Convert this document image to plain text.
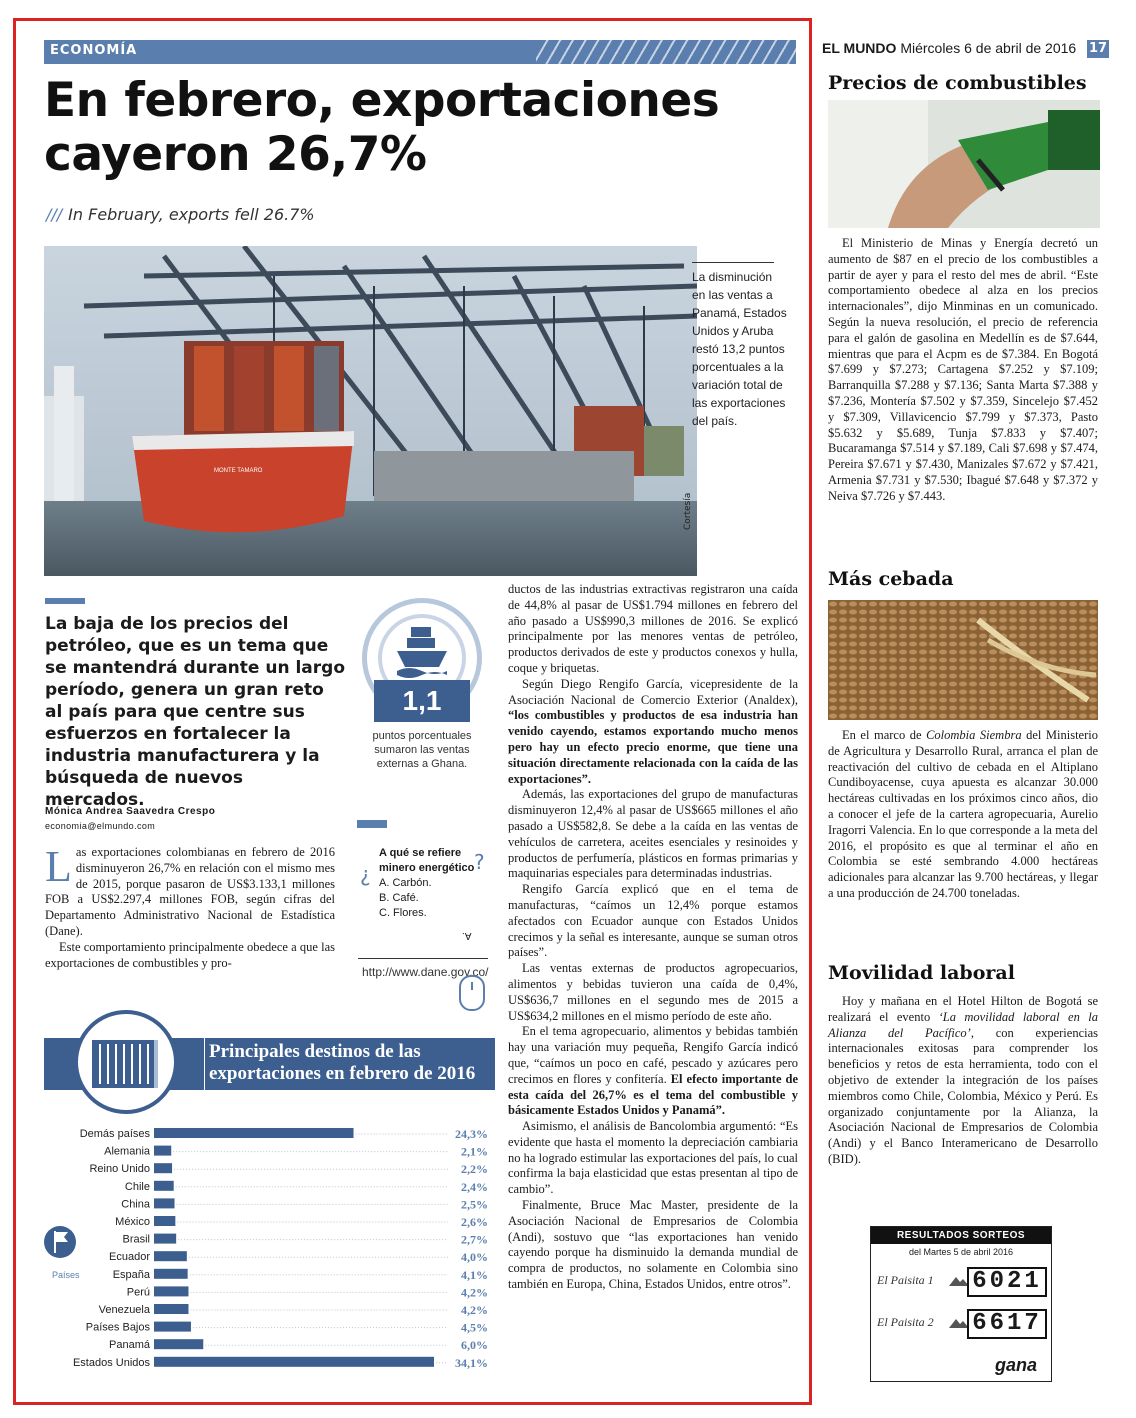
ECONOMÍA
En febrero, exportaciones cayeron 26,7%
/// In February, exports fell 26.7%
MONTE TAMARO
Cortesía
La disminución en las ventas a Panamá, Estados Unidos y Aruba restó 13,2 puntos porcentuales a la variación total de las exportaciones del país.
La baja de los precios del petróleo, que es un tema que se mantendrá durante un largo período, genera un gran reto al país para que centre sus esfuerzos en fortalecer la industria manufacturera y la búsqueda de nuevos mercados.
Mónica Andrea Saavedra Crespo
economia@elmundo.com

Las exportaciones colombianas en febrero de 2016 disminuyeron 26,7% en relación con el mismo mes de 2015, porque pasaron de US$3.133,1 millones FOB a US$2.297,4 millones FOB, según cifras del Departamento Administrativo Nacional de Estadística (Dane).

Este comportamiento principalmente obedece a que las exportaciones de combustibles y pro-

1,1
puntos porcentuales sumaron las ventas externas a Ghana.
¿	?
A qué se refiere minero energético
A. Carbón.
B. Café.
C. Flores.
A.
http://www.dane.gov.co/
Principales destinos de las exportaciones en febrero de 2016
Países
Demás países	24,3%
Alemania	2,1%
Reino Unido	2,2%
Chile	2,4%
China	2,5%
México	2,6%
Brasil	2,7%
Ecuador	4,0%
España	4,1%
Perú	4,2%
Venezuela	4,2%
Países Bajos	4,5%
Panamá	6,0%
Estados Unidos	34,1%
EL MUNDO Miércoles 6 de abril de 2016 17
Precios de combustibles

El Ministerio de Minas y Energía decretó un aumento de $87 en el precio de los combustibles a partir de ayer y para el resto del mes de abril. “Este comportamiento obedece al alza en los precios internacionales”, dijo Minminas en un comunicado. Según la nueva resolución, el precio de referencia para el galón de gasolina en Medellín es de $7.644, mientras que para el Acpm es de $7.384. En Bogotá $7.699 y $7.273; Cartagena $7.252 y $7.109; Barranquilla $7.288 y $7.136; Santa Marta $7.388 y $7.236, Montería $7.502 y $7.359, Sincelejo $7.452 y $7.309, Villavicencio $7.799 y $7.373, Pasto $5.632 y $5.689, Tunja $7.833 y $7.407; Bucaramanga $7.514 y $7.189, Cali $7.698 y $7.474, Pereira $7.671 y $7.430, Manizales $7.672 y $7.421, Armenia $7.731 y $7.530; Ibagué $7.648 y $7.372 y Neiva $7.726 y $7.443.

Más cebada

En el marco de Colombia Siembra del Ministerio de Agricultura y Desarrollo Rural, arranca el plan de reactivación del cultivo de cebada en el Altiplano Cundiboyacense, cuya apuesta es alcanzar 30.000 hectáreas cultivadas en los próximos cinco años, dio a conocer el jefe de la cartera agropecuaria, Aurelio Iragorri Valencia. En lo que corresponde a la meta del 2016, el propósito es que al terminar el año en Colombia se esté sembrando 4.000 hectáreas adicionales para alcanzar las 9.700 hectáreas, y llegar a una producción de 24.700 toneladas.

Movilidad laboral

Hoy y mañana en el Hotel Hilton de Bogotá se realizará el evento ‘La movilidad laboral en la Alianza del Pacífico’, con experiencias internacionales exitosas para comprender los beneficios y retos de esta herramienta, todo con el objetivo de extender la integración de los países miembros como Chile, Colombia, México y Perú. Es organizado conjuntamente por la Alianza, la Asociación Nacional de Empresarios de Colombia (Andi) y el Banco Interamericano de Desarrollo (BID).

ductos de las industrias extractivas registraron una caída de 44,8% al pasar de US$1.794 millones en febrero del año pasado a US$990,3 millones de 2016. Se explicó principalmente por las menores ventas de petróleo, productos derivados de este y productos conexos y hulla, coque y briquetas.

Según Diego Rengifo García, vicepresidente de la Asociación Nacional de Comercio Exterior (Analdex), “los combustibles y productos de esa industria han venido cayendo, estamos exportando mucho menos pero hay un efecto precio enorme, que tiene una situación directamente relacionada con la caída de las exportaciones”.

Además, las exportaciones del grupo de manufacturas disminuyeron 12,4% al pasar de US$665 millones el año pasado a US$582,8. Se debe a la caída en las ventas de vehículos de carretera, aceites esenciales y resinoides y productos de perfumería, plásticos en formas primarias y maquinarias especiales para determinadas industrias.

Rengifo García explicó que en el tema de manufacturas, “caímos un 12,4% porque estamos afectados con Ecuador aunque con Estados Unidos crecimos y la señal es interesante, aunque se suman otros países”.

Las ventas externas de productos agropecuarios, alimentos y bebidas tuvieron una caída de 0,4%, US$636,7 millones en el segundo mes de 2015 a US$634,2 millones en el mismo período de este año.

En el tema agropecuario, alimentos y bebidas también hay una variación muy pequeña, Rengifo García indicó que, “caímos un poco en café, pescado y azúcares pero crecimos en flores y confitería. El efecto importante de esta caída del 26,7% es el tema del combustible y básicamente Estados Unidos y Panamá”.

Asimismo, el análisis de Bancolombia argumentó: “Es evidente que hasta el momento la depreciación cambiaria no ha logrado estimular las exportaciones del país, lo cual confirma la baja elasticidad que estas presentan al tipo de cambio”.

Finalmente, Bruce Mac Master, presidente de la Asociación Nacional de Empresarios de Colombia (Andi), sostuvo que “las exportaciones han venido cayendo porque ha disminuido la demanda mundial de compra de productos, no solamente en Colombia sino también en Europa, China, Estados Unidos, entre otros”.

RESULTADOS SORTEOS
del Martes 5 de abril 2016
El Paisita 1 6021
El Paisita 2 6617
gana
